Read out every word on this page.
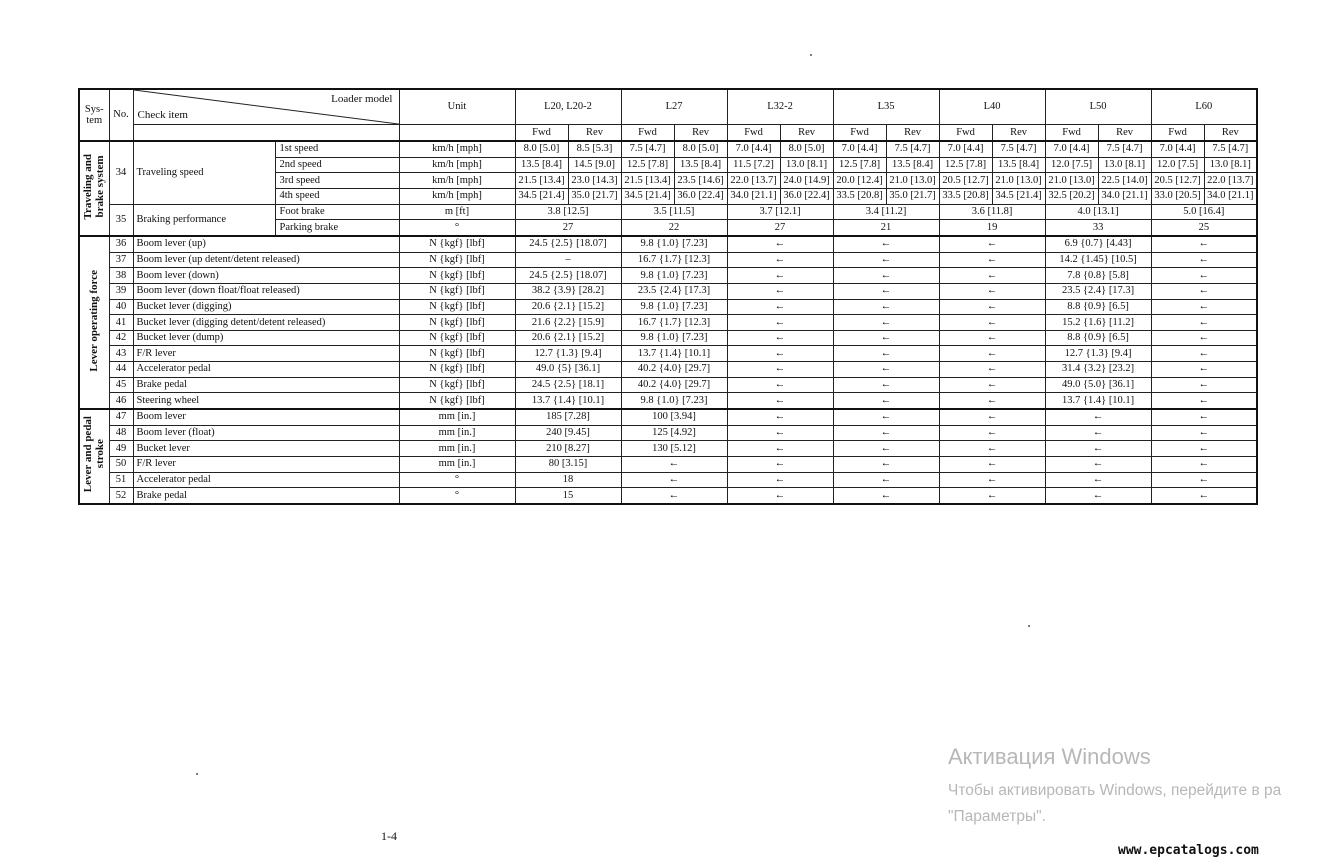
Sys-
tem	No.	Loader model
Check item		Unit	L20, L20-2		L27		L32-2		L35		L40		L50		L60	
					Fwd	Rev	Fwd	Rev	Fwd	Rev	Fwd	Rev	Fwd	Rev	Fwd	Rev	Fwd	Rev
Traveling and
brake system	34	Traveling speed	1st speed	km/h [mph]	8.0 [5.0]	8.5 [5.3]	7.5 [4.7]	8.0 [5.0]	7.0 [4.4]	8.0 [5.0]	7.0 [4.4]	7.5 [4.7]	7.0 [4.4]	7.5 [4.7]	7.0 [4.4]	7.5 [4.7]	7.0 [4.4]	7.5 [4.7]
			2nd speed	km/h [mph]	13.5 [8.4]	14.5 [9.0]	12.5 [7.8]	13.5 [8.4]	11.5 [7.2]	13.0 [8.1]	12.5 [7.8]	13.5 [8.4]	12.5 [7.8]	13.5 [8.4]	12.0 [7.5]	13.0 [8.1]	12.0 [7.5]	13.0 [8.1]
			3rd speed	km/h [mph]	21.5 [13.4]	23.0 [14.3]	21.5 [13.4]	23.5 [14.6]	22.0 [13.7]	24.0 [14.9]	20.0 [12.4]	21.0 [13.0]	20.5 [12.7]	21.0 [13.0]	21.0 [13.0]	22.5 [14.0]	20.5 [12.7]	22.0 [13.7]
			4th speed	km/h [mph]	34.5 [21.4]	35.0 [21.7]	34.5 [21.4]	36.0 [22.4]	34.0 [21.1]	36.0 [22.4]	33.5 [20.8]	35.0 [21.7]	33.5 [20.8]	34.5 [21.4]	32.5 [20.2]	34.0 [21.1]	33.0 [20.5]	34.0 [21.1]
	35	Braking performance	Foot brake	m [ft]	3.8 [12.5]		3.5 [11.5]		3.7 [12.1]		3.4 [11.2]		3.6 [11.8]		4.0 [13.1]		5.0 [16.4]	
			Parking brake	°	27		22		27		21		19		33		25	
Lever operating force	36	Boom lever (up)		N {kgf} [lbf]	24.5 {2.5} [18.07]		9.8 {1.0} [7.23]		←		←		←		6.9 {0.7} [4.43]		←	
	37	Boom lever (up detent/detent released)		N {kgf} [lbf]	–		16.7 {1.7} [12.3]		←		←		←		14.2 {1.45} [10.5]		←	
	38	Boom lever (down)		N {kgf} [lbf]	24.5 {2.5} [18.07]		9.8 {1.0} [7.23]		←		←		←		7.8 {0.8} [5.8]		←	
	39	Boom lever (down float/float released)		N {kgf} [lbf]	38.2 {3.9} [28.2]		23.5 {2.4} [17.3]		←		←		←		23.5 {2.4} [17.3]		←	
	40	Bucket lever (digging)		N {kgf} [lbf]	20.6 {2.1} [15.2]		9.8 {1.0} [7.23]		←		←		←		8.8 {0.9} [6.5]		←	
	41	Bucket lever (digging detent/detent released)		N {kgf} [lbf]	21.6 {2.2} [15.9]		16.7 {1.7} [12.3]		←		←		←		15.2 {1.6} [11.2]		←	
	42	Bucket lever (dump)		N {kgf} [lbf]	20.6 {2.1} [15.2]		9.8 {1.0} [7.23]		←		←		←		8.8 {0.9} [6.5]		←	
	43	F/R lever		N {kgf} [lbf]	12.7 {1.3} [9.4]		13.7 {1.4} [10.1]		←		←		←		12.7 {1.3} [9.4]		←	
	44	Accelerator pedal		N {kgf} [lbf]	49.0 {5} [36.1]		40.2 {4.0} [29.7]		←		←		←		31.4 {3.2} [23.2]		←	
	45	Brake pedal		N {kgf} [lbf]	24.5 {2.5} [18.1]		40.2 {4.0} [29.7]		←		←		←		49.0 {5.0} [36.1]		←	
	46	Steering wheel		N {kgf} [lbf]	13.7 {1.4} [10.1]		9.8 {1.0} [7.23]		←		←		←		13.7 {1.4} [10.1]		←	
Lever and pedal
stroke	47	Boom lever		mm [in.]	185 [7.28]		100 [3.94]		←		←		←		←		←	
	48	Boom lever (float)		mm [in.]	240 [9.45]		125 [4.92]		←		←		←		←		←	
	49	Bucket lever		mm [in.]	210 [8.27]		130 [5.12]		←		←		←		←		←	
	50	F/R lever		mm [in.]	80 [3.15]		←		←		←		←		←		←	
	51	Accelerator pedal		°	18		←		←		←		←		←		←	
	52	Brake pedal		°	15		←		←		←		←		←		←	
1-4
Активация Windows
Чтобы активировать Windows, перейдите в ра
"Параметры".
www.epcatalogs.com
